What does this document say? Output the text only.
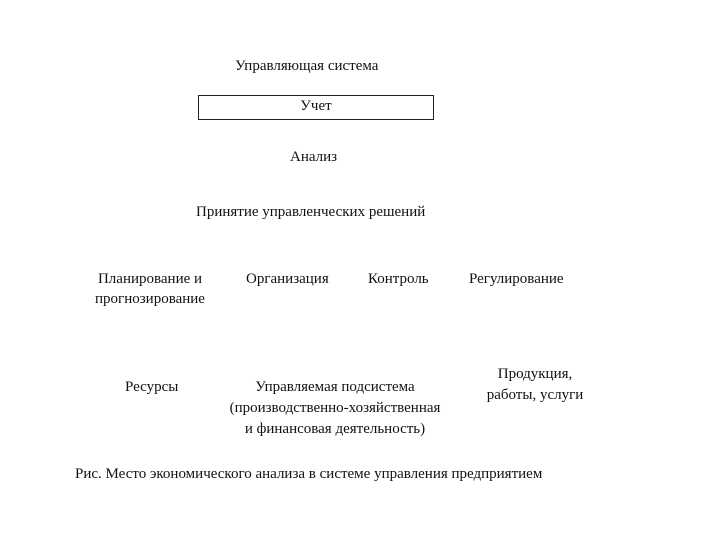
Управляющая система
Учет
Анализ
Принятие управленческих решений
Планирование и
прогнозирование
Организация	Контроль	Регулирование
Ресурсы	Управляемая подсистема
(производственно-хозяйственная
и финансовая деятельность)
Продукция,
работы, услуги
Рис. Место экономического анализа в системе управления предприятием
